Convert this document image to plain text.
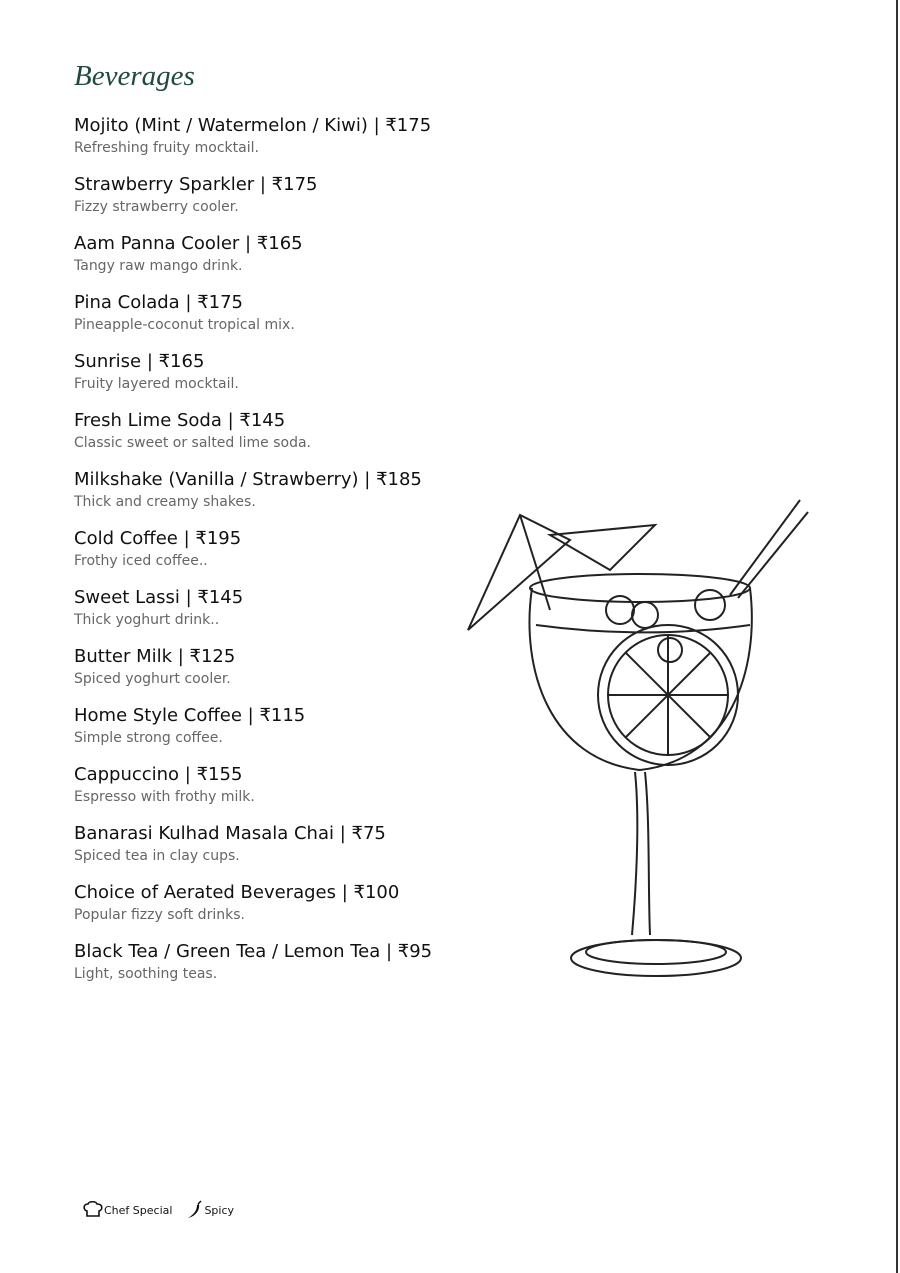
Beverages
Mojito (Mint / Watermelon / Kiwi) | ₹175
Refreshing fruity mocktail.
Strawberry Sparkler | ₹175
Fizzy strawberry cooler.
Aam Panna Cooler | ₹165
Tangy raw mango drink.
Pina Colada | ₹175
Pineapple-coconut tropical mix.
Sunrise | ₹165
Fruity layered mocktail.
Fresh Lime Soda | ₹145
Classic sweet or salted lime soda.
Milkshake (Vanilla / Strawberry) | ₹185
Thick and creamy shakes.
Cold Coffee | ₹195
Frothy iced coffee..
Sweet Lassi | ₹145
Thick yoghurt drink..
Butter Milk | ₹125
Spiced yoghurt cooler.
Home Style Coffee | ₹115
Simple strong coffee.
Cappuccino | ₹155
Espresso with frothy milk.
Banarasi Kulhad Masala Chai | ₹75
Spiced tea in clay cups.
Choice of Aerated Beverages | ₹100
Popular fizzy soft drinks.
Black Tea / Green Tea / Lemon Tea | ₹95
Light, soothing teas.
Chef Special	Spicy
